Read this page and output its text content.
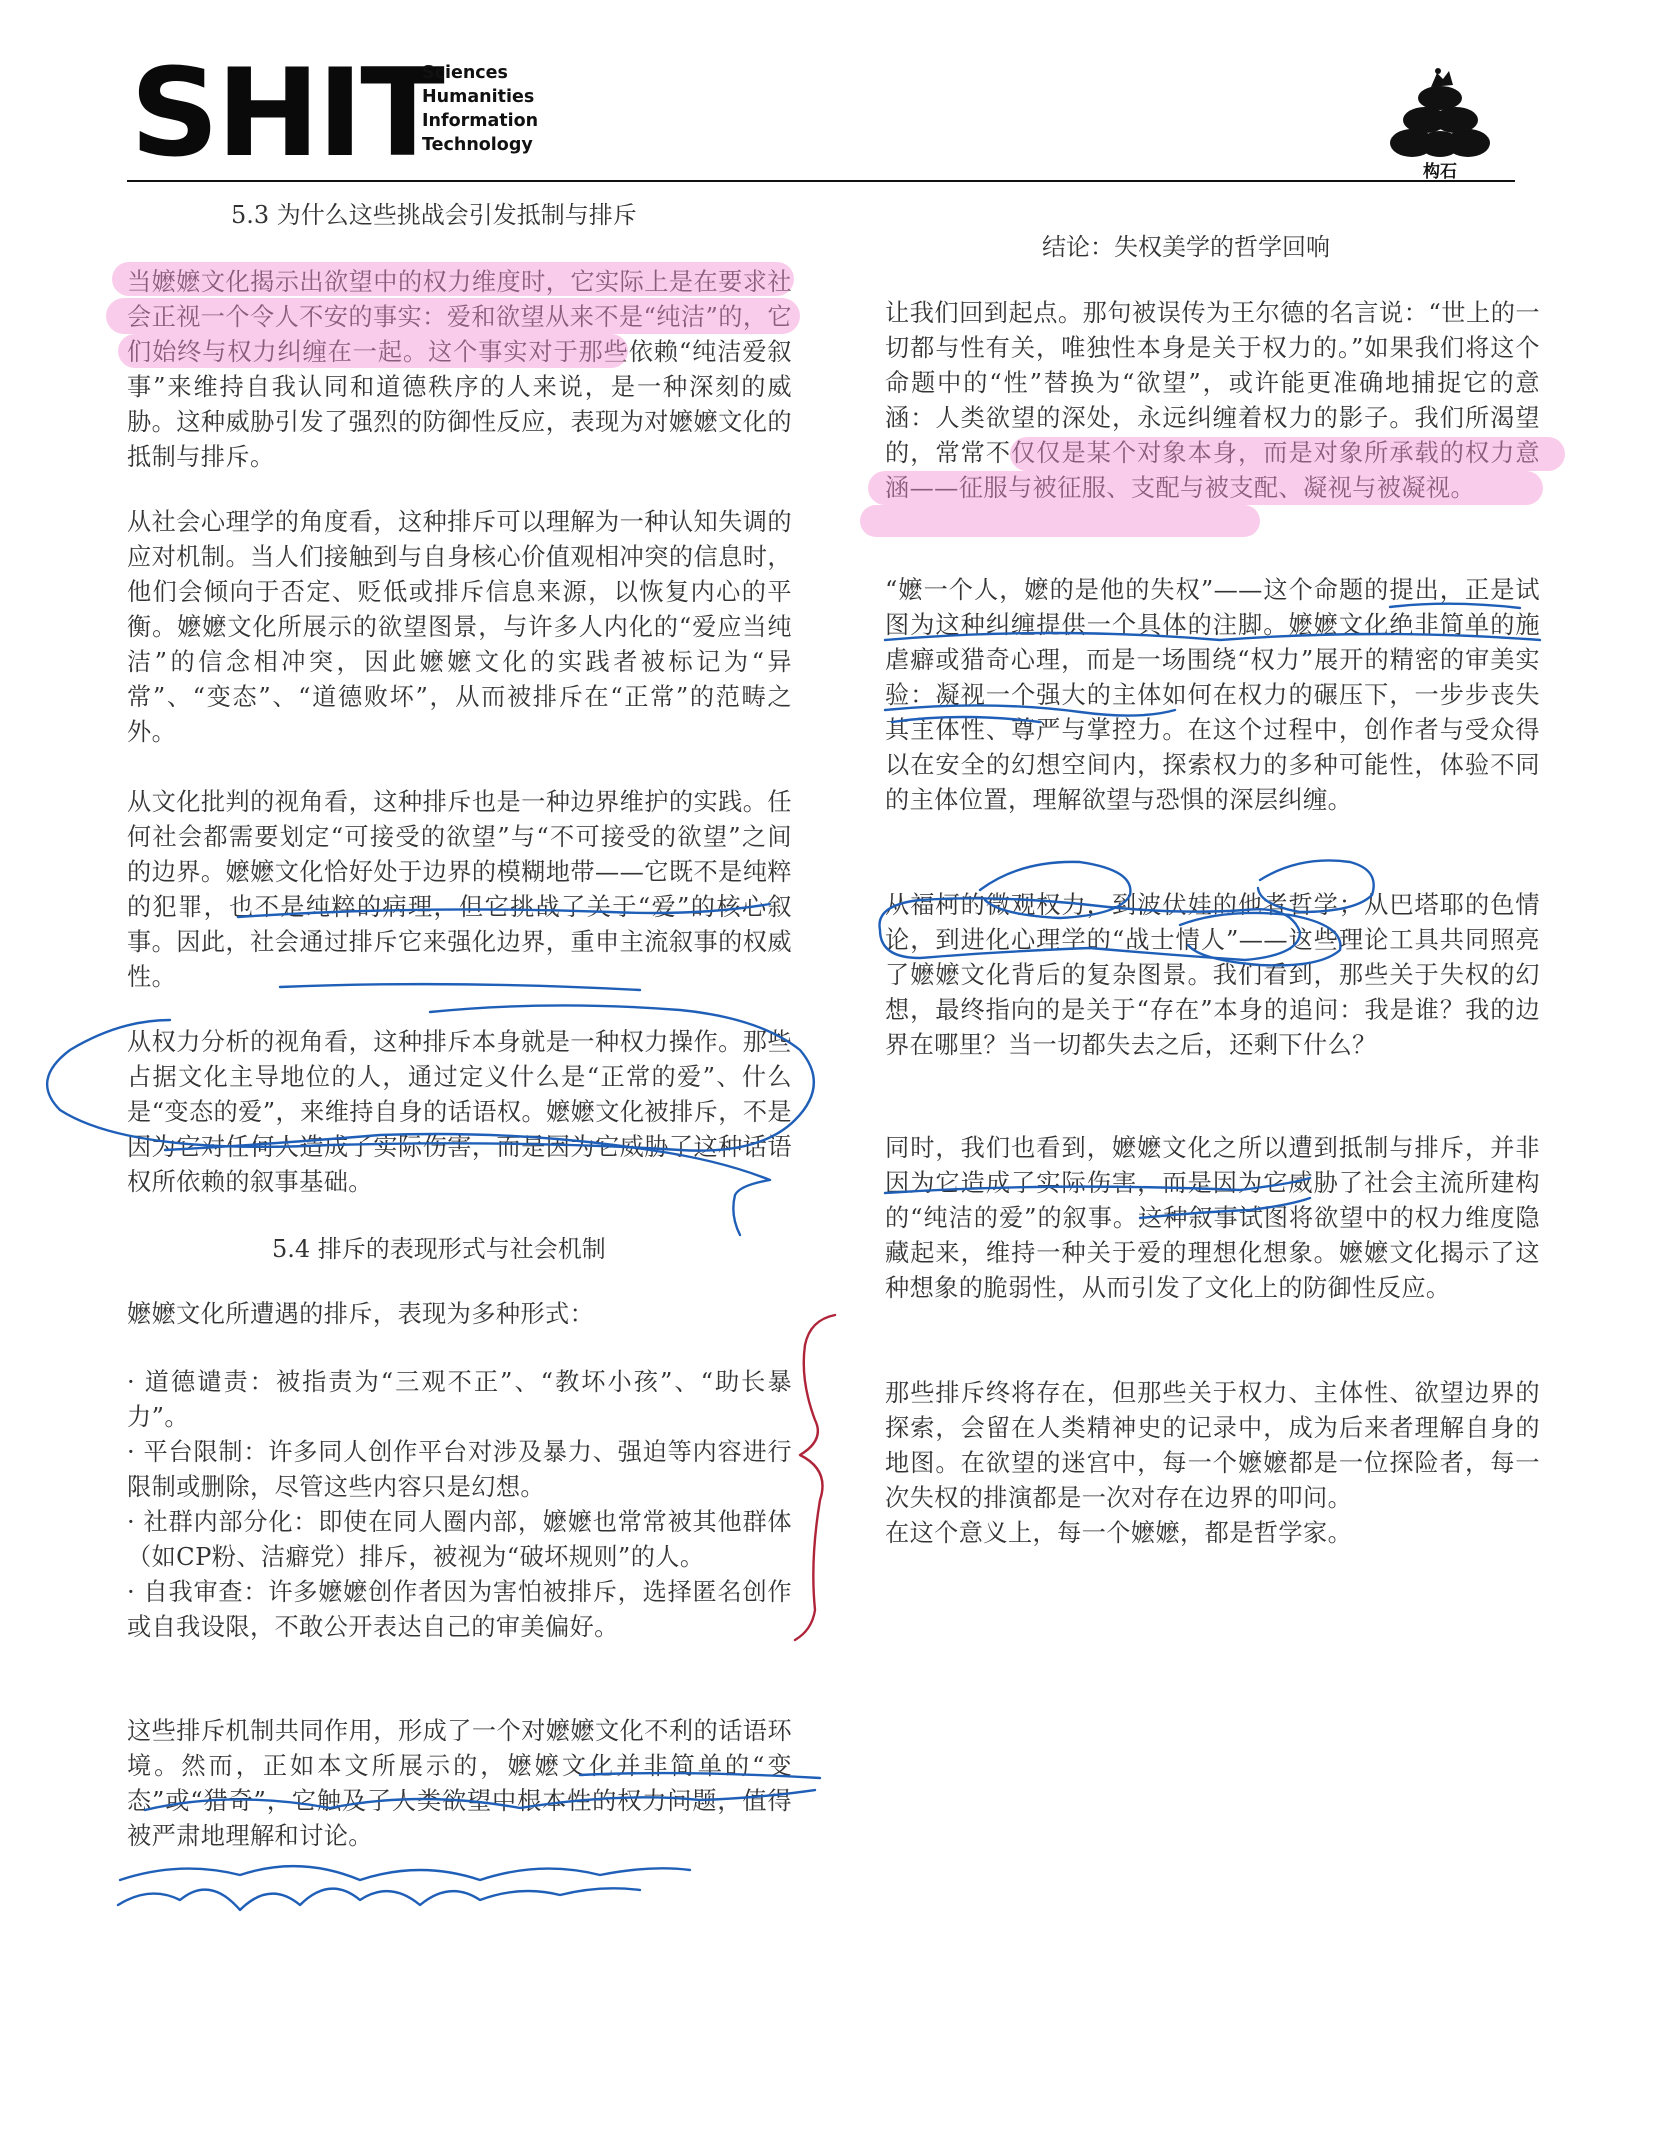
SHIT
Sciences
Humanities
Information
Technology
构石
5.3 为什么这些挑战会引发抵制与排斥
当嬷嬷文化揭示出欲望中的权力维度时，它实际上是在要求社会正视一个令人不安的事实：爱和欲望从来不是“纯洁”的，它们始终与权力纠缠在一起。这个事实对于那些依赖“纯洁爱叙事”来维持自我认同和道德秩序的人来说，是一种深刻的威胁。这种威胁引发了强烈的防御性反应，表现为对嬷嬷文化的抵制与排斥。
从社会心理学的角度看，这种排斥可以理解为一种认知失调的应对机制。当人们接触到与自身核心价值观相冲突的信息时，他们会倾向于否定、贬低或排斥信息来源，以恢复内心的平衡。嬷嬷文化所展示的欲望图景，与许多人内化的“爱应当纯洁”的信念相冲突，因此嬷嬷文化的实践者被标记为“异常”、“变态”、“道德败坏”，从而被排斥在“正常”的范畴之外。
从文化批判的视角看，这种排斥也是一种边界维护的实践。任何社会都需要划定“可接受的欲望”与“不可接受的欲望”之间的边界。嬷嬷文化恰好处于边界的模糊地带——它既不是纯粹的犯罪，也不是纯粹的病理，但它挑战了关于“爱”的核心叙事。因此，社会通过排斥它来强化边界，重申主流叙事的权威性。
从权力分析的视角看，这种排斥本身就是一种权力操作。那些占据文化主导地位的人，通过定义什么是“正常的爱”、什么是“变态的爱”，来维持自身的话语权。嬷嬷文化被排斥，不是因为它对任何人造成了实际伤害，而是因为它威胁了这种话语权所依赖的叙事基础。
5.4 排斥的表现形式与社会机制
嬷嬷文化所遭遇的排斥，表现为多种形式：
· 道德谴责：被指责为“三观不正”、“教坏小孩”、“助长暴力”。
· 平台限制：许多同人创作平台对涉及暴力、强迫等内容进行限制或删除，尽管这些内容只是幻想。
· 社群内部分化：即使在同人圈内部，嬷嬷也常常被其他群体（如CP粉、洁癖党）排斥，被视为“破坏规则”的人。
· 自我审查：许多嬷嬷创作者因为害怕被排斥，选择匿名创作或自我设限，不敢公开表达自己的审美偏好。
这些排斥机制共同作用，形成了一个对嬷嬷文化不利的话语环境。然而，正如本文所展示的，嬷嬷文化并非简单的“变态”或“猎奇”，它触及了人类欲望中根本性的权力问题，值得被严肃地理解和讨论。
结论：失权美学的哲学回响
让我们回到起点。那句被误传为王尔德的名言说：“世上的一切都与性有关，唯独性本身是关于权力的。”如果我们将这个命题中的“性”替换为“欲望”，或许能更准确地捕捉它的意涵：人类欲望的深处，永远纠缠着权力的影子。我们所渴望的，常常不仅仅是某个对象本身，而是对象所承载的权力意涵——征服与被征服、支配与被支配、凝视与被凝视。
“嬷一个人，嬷的是他的失权”——这个命题的提出，正是试图为这种纠缠提供一个具体的注脚。嬷嬷文化绝非简单的施虐癖或猎奇心理，而是一场围绕“权力”展开的精密的审美实验：凝视一个强大的主体如何在权力的碾压下，一步步丧失其主体性、尊严与掌控力。在这个过程中，创作者与受众得以在安全的幻想空间内，探索权力的多种可能性，体验不同的主体位置，理解欲望与恐惧的深层纠缠。
从福柯的微观权力，到波伏娃的他者哲学；从巴塔耶的色情论，到进化心理学的“战士情人”——这些理论工具共同照亮了嬷嬷文化背后的复杂图景。我们看到，那些关于失权的幻想，最终指向的是关于“存在”本身的追问：我是谁？我的边界在哪里？当一切都失去之后，还剩下什么？
同时，我们也看到，嬷嬷文化之所以遭到抵制与排斥，并非因为它造成了实际伤害，而是因为它威胁了社会主流所建构的“纯洁的爱”的叙事。这种叙事试图将欲望中的权力维度隐藏起来，维持一种关于爱的理想化想象。嬷嬷文化揭示了这种想象的脆弱性，从而引发了文化上的防御性反应。
那些排斥终将存在，但那些关于权力、主体性、欲望边界的探索，会留在人类精神史的记录中，成为后来者理解自身的地图。在欲望的迷宫中，每一个嬷嬷都是一位探险者，每一次失权的排演都是一次对存在边界的叩问。
在这个意义上，每一个嬷嬷，都是哲学家。
